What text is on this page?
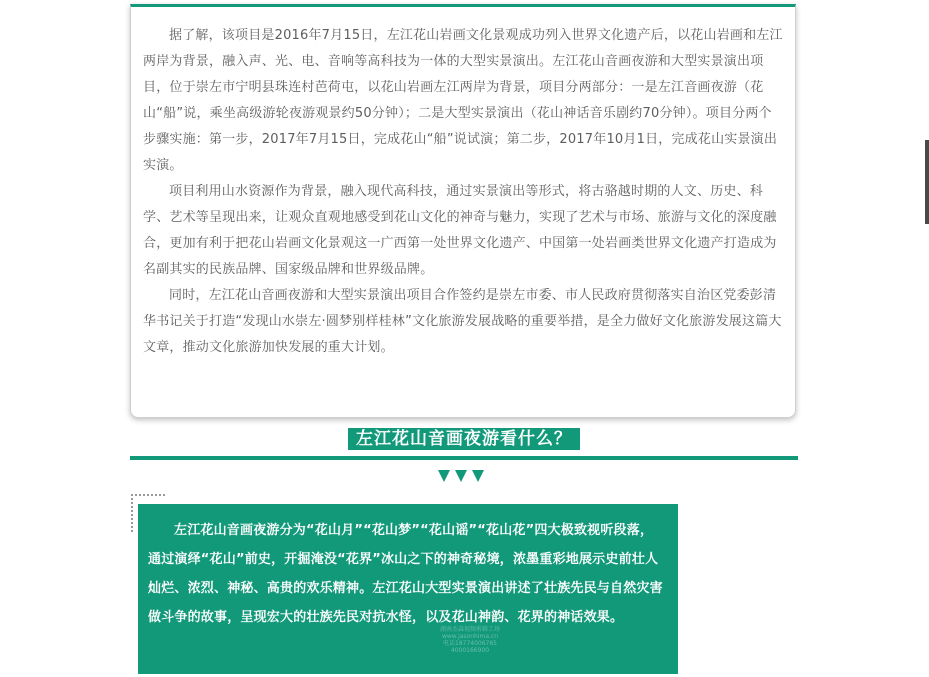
据了解，该项目是2016年7月15日，左江花山岩画文化景观成功列入世界文化遗产后，以花山岩画和左江两岸为背景，融入声、光、电、音响等高科技为一体的大型实景演出。左江花山音画夜游和大型实景演出项目，位于崇左市宁明县珠连村芭荷屯，以花山岩画左江两岸为背景，项目分两部分：一是左江音画夜游（花山“船”说，乘坐高级游轮夜游观景约50分钟）；二是大型实景演出（花山神话音乐剧约70分钟）。项目分两个步骤实施：第一步，2017年7月15日，完成花山“船”说试演；第二步，2017年10月1日，完成花山实景演出实演。

项目利用山水资源作为背景，融入现代高科技，通过实景演出等形式，将古骆越时期的人文、历史、科学、艺术等呈现出来，让观众直观地感受到花山文化的神奇与魅力，实现了艺术与市场、旅游与文化的深度融合，更加有利于把花山岩画文化景观这一广西第一处世界文化遗产、中国第一处岩画类世界文化遗产打造成为名副其实的民族品牌、国家级品牌和世界级品牌。

同时，左江花山音画夜游和大型实景演出项目合作签约是崇左市委、市人民政府贯彻落实自治区党委彭清华书记关于打造“发现山水崇左·圆梦别样桂林”文化旅游发展战略的重要举措，是全力做好文化旅游发展这篇大文章，推动文化旅游加快发展的重大计划。

左江花山音画夜游看什么？

左江花山音画夜游分为“花山月”“花山梦”“花山谣”“花山花”四大极致视听段落，通过演绎“花山”前史，开掘淹没“花界”冰山之下的神奇秘境，浓墨重彩地展示史前壮人灿烂、浓烈、神秘、高贵的欢乐精神。左江花山大型实景演出讲述了壮族先民与自然灾害做斗争的故事，呈现宏大的壮族先民对抗水怪，以及花山神韵、花界的神话效果。

湖南杰森视频剪辑工场
www.jasonhima.cn
电话18774006765
4000166900
